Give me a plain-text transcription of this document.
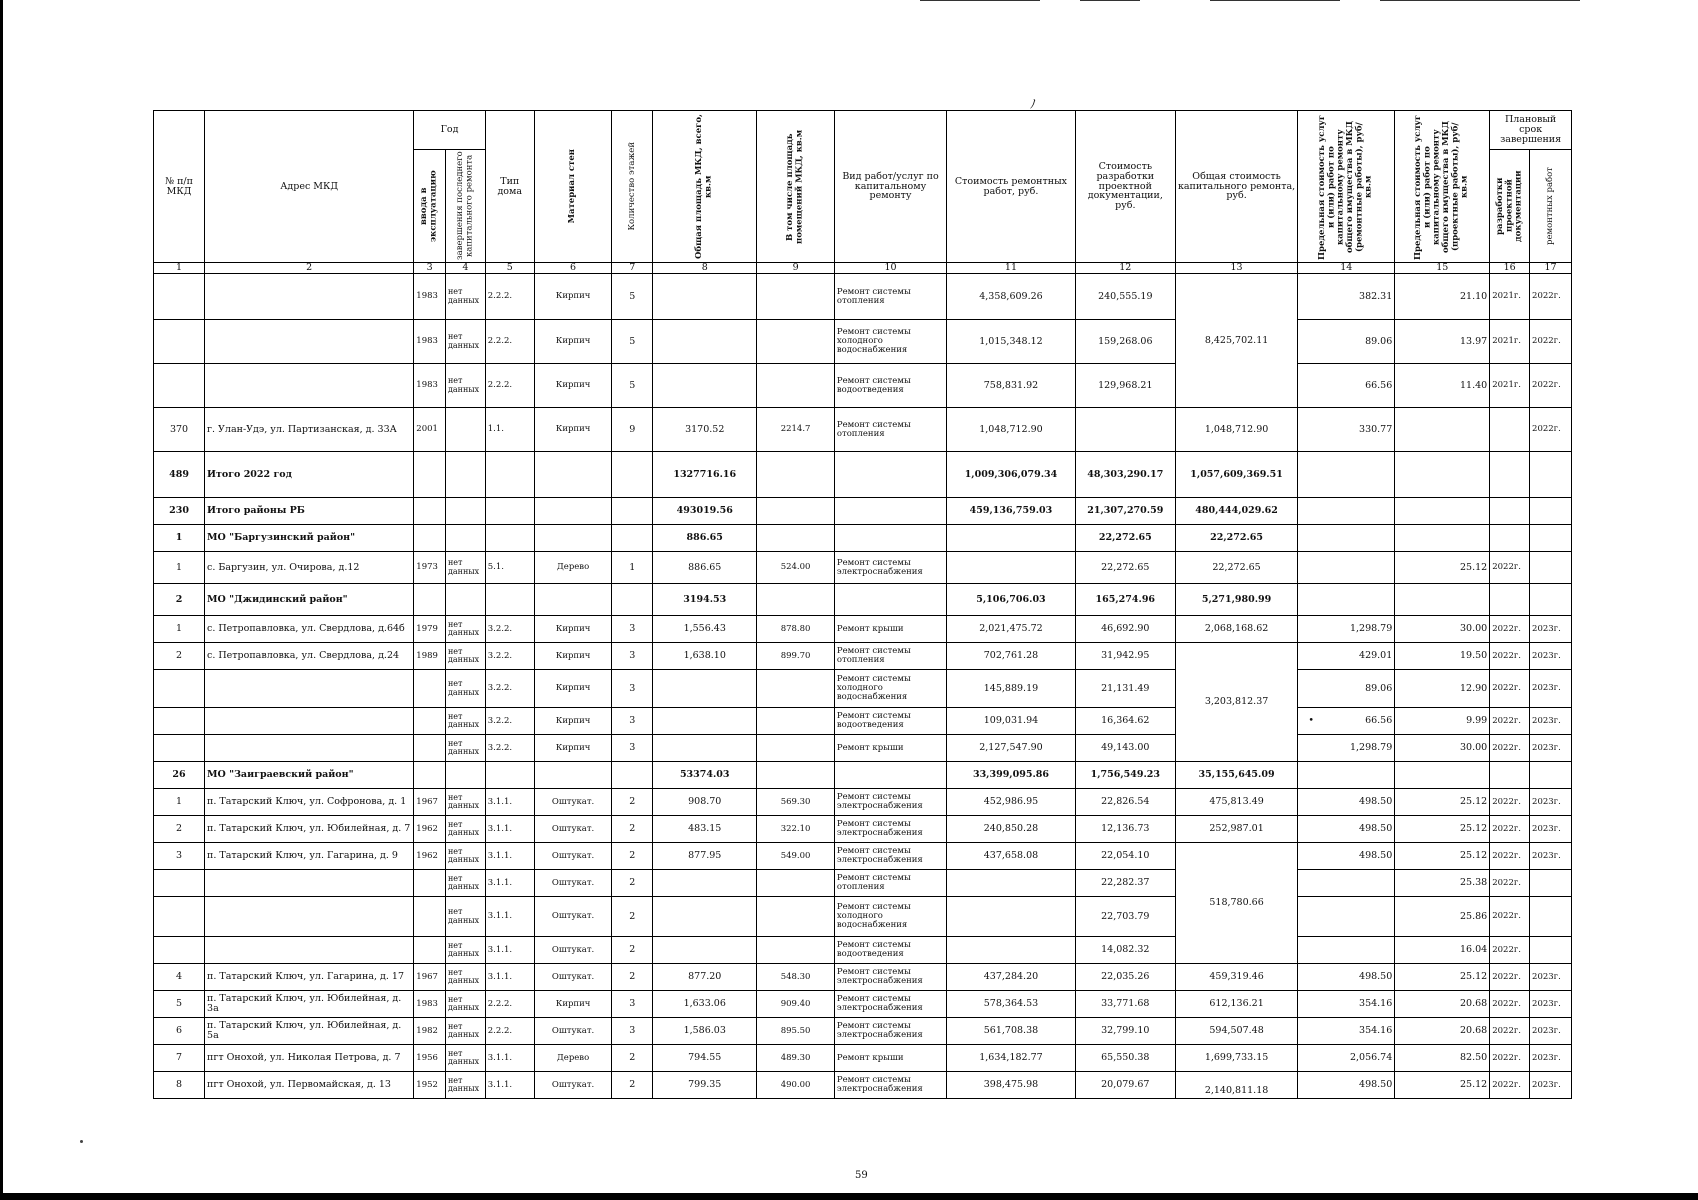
ﾉ
№ п/п МКД	Адрес МКД	Год		Тип дома	Материал стен	Количество этажей	Общая площадь МКД, всего, кв.м	В том числе площадь помещений МКД, кв.м	Вид работ/услуг по капитальному ремонту	Стоимость ремонтных работ, руб.	Стоимость разработки проектной документации, руб.	Общая стоимость капитального ремонта, руб.	Предельная стоимость услуг и (или) работ по капитальному ремонту общего имущества в МКД (ремонтные работы), руб/кв.м	Предельная стоимость услуг и (или) работ по капитальному ремонту общего имущества в МКД (проектные работы), руб/кв.м	Плановый срок завершения	

		ввода в эксплуатацию	завершения последнего капитального ремонта												разработки проектной документации	ремонтных работ

1	2	3	4	5	6	7	8	9	10	11	12	13	14	15	16	17
		1983	нет данных	2.2.2.	Кирпич	5			Ремонт системы отопления	4,358,609.26	240,555.19	8,425,702.11	382.31	21.10	2021г.	2022г.
		1983	нет данных	2.2.2.	Кирпич	5			Ремонт системы холодного водоснабжения	1,015,348.12	159,268.06		89.06	13.97	2021г.	2022г.
		1983	нет данных	2.2.2.	Кирпич	5			Ремонт системы водоотведения	758,831.92	129,968.21		66.56	11.40	2021г.	2022г.
370	г. Улан-Удэ, ул. Партизанская, д. 33А	2001		1.1.	Кирпич	9	3170.52	2214.7	Ремонт системы отопления	1,048,712.90		1,048,712.90	330.77			2022г.
489	Итого 2022 год						1327716.16			1,009,306,079.34	48,303,290.17	1,057,609,369.51				
230	Итого районы РБ						493019.56			459,136,759.03	21,307,270.59	480,444,029.62				
1	МО "Баргузинский район"						886.65				22,272.65	22,272.65				
1	с. Баргузин, ул. Очирова, д.12	1973	нет данных	5.1.	Дерево	1	886.65	524.00	Ремонт системы электроснабжения		22,272.65	22,272.65		25.12	2022г.	
2	МО "Джидинский район"						3194.53			5,106,706.03	165,274.96	5,271,980.99				
1	с. Петропавловка, ул. Свердлова, д.64б	1979	нет данных	3.2.2.	Кирпич	3	1,556.43	878.80	Ремонт крыши	2,021,475.72	46,692.90	2,068,168.62	1,298.79	30.00	2022г.	2023г.
2	с. Петропавловка, ул. Свердлова, д.24	1989	нет данных	3.2.2.	Кирпич	3	1,638.10	899.70	Ремонт системы отопления	702,761.28	31,942.95	3,203,812.37	429.01	19.50	2022г.	2023г.
			нет данных	3.2.2.	Кирпич	3			Ремонт системы холодного водоснабжения	145,889.19	21,131.49		89.06	12.90	2022г.	2023г.
			нет данных	3.2.2.	Кирпич	3			Ремонт системы водоотведения	109,031.94	16,364.62		• 66.56	9.99	2022г.	2023г.
			нет данных	3.2.2.	Кирпич	3			Ремонт крыши	2,127,547.90	49,143.00		1,298.79	30.00	2022г.	2023г.
26	МО "Заиграевский район"						53374.03			33,399,095.86	1,756,549.23	35,155,645.09				
1	п. Татарский Ключ, ул. Софронова, д. 1	1967	нет данных	3.1.1.	Оштукат.	2	908.70	569.30	Ремонт системы электроснабжения	452,986.95	22,826.54	475,813.49	498.50	25.12	2022г.	2023г.
2	п. Татарский Ключ, ул. Юбилейная, д. 7	1962	нет данных	3.1.1.	Оштукат.	2	483.15	322.10	Ремонт системы электроснабжения	240,850.28	12,136.73	252,987.01	498.50	25.12	2022г.	2023г.
3	п. Татарский Ключ, ул. Гагарина, д. 9	1962	нет данных	3.1.1.	Оштукат.	2	877.95	549.00	Ремонт системы электроснабжения	437,658.08	22,054.10	518,780.66	498.50	25.12	2022г.	2023г.
			нет данных	3.1.1.	Оштукат.	2			Ремонт системы отопления		22,282.37			25.38	2022г.	
			нет данных	3.1.1.	Оштукат.	2			Ремонт системы холодного водоснабжения		22,703.79			25.86	2022г.	
			нет данных	3.1.1.	Оштукат.	2			Ремонт системы водоотведения		14,082.32			16.04	2022г.	
4	п. Татарский Ключ, ул. Гагарина, д. 17	1967	нет данных	3.1.1.	Оштукат.	2	877.20	548.30	Ремонт системы электроснабжения	437,284.20	22,035.26	459,319.46	498.50	25.12	2022г.	2023г.
5	п. Татарский Ключ, ул. Юбилейная, д. 3а	1983	нет данных	2.2.2.	Кирпич	3	1,633.06	909.40	Ремонт системы электроснабжения	578,364.53	33,771.68	612,136.21	354.16	20.68	2022г.	2023г.
6	п. Татарский Ключ, ул. Юбилейная, д. 5а	1982	нет данных	2.2.2.	Оштукат.	3	1,586.03	895.50	Ремонт системы электроснабжения	561,708.38	32,799.10	594,507.48	354.16	20.68	2022г.	2023г.
7	пгт Онохой, ул. Николая Петрова, д. 7	1956	нет данных	3.1.1.	Дерево	2	794.55	489.30	Ремонт крыши	1,634,182.77	65,550.38	1,699,733.15	2,056.74	82.50	2022г.	2023г.
8	пгт Онохой, ул. Первомайская, д. 13	1952	нет данных	3.1.1.	Оштукат.	2	799.35	490.00	Ремонт системы электроснабжения	398,475.98	20,079.67	2,140,811.18	498.50	25.12	2022г.	2023г.
59
